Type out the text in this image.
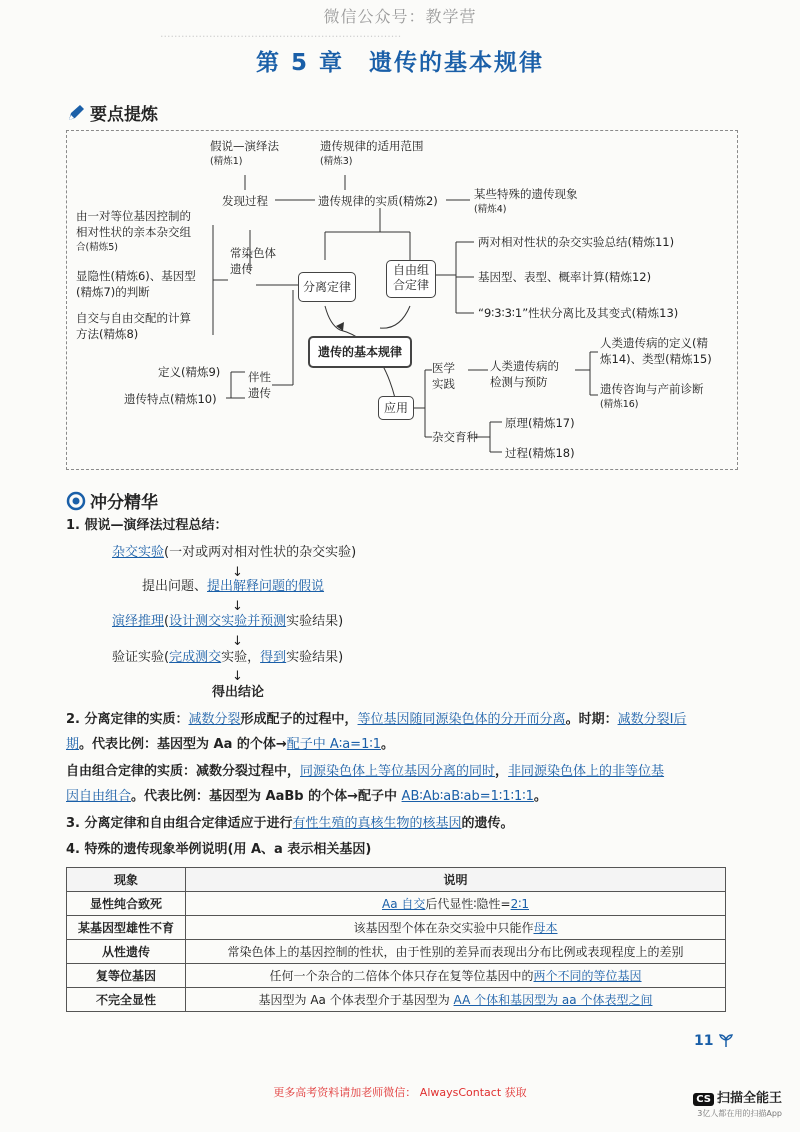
微信公众号：教学营
·····································································
第 5 章　遗传的基本规律
要点提炼
假说—演绎法
(精炼1)
遗传规律的适用范围
(精炼3)
发现过程	遗传规律的实质(精炼2)	某些特殊的遗传现象
(精炼4)
由一对等位基因控制的
相对性状的亲本杂交组
合(精炼5)
显隐性(精炼6)、基因型
(精炼7)的判断
自交与自由交配的计算
方法(精炼8)
常染色体
遗传
分离定律
自由组
合定律
两对相对性状的杂交实验总结(精炼11)
基因型、表型、概率计算(精炼12)
“9∶3∶3∶1”性状分离比及其变式(精炼13)
遗传的基本规律
定义(精炼9)
遗传特点(精炼10)
伴性
遗传
应用
医学
实践
人类遗传病的
检测与预防
人类遗传病的定义(精
炼14)、类型(精炼15)
遗传咨询与产前诊断
(精炼16)
杂交育种
原理(精炼17)
过程(精炼18)
冲分精华
1. 假说—演绎法过程总结：
杂交实验(一对或两对相对性状的杂交实验)
↓
提出问题、提出解释问题的假说
↓
演绎推理(设计测交实验并预测实验结果)
↓
验证实验(完成测交实验，得到实验结果)
↓
得出结论
2. 分离定律的实质：减数分裂形成配子的过程中，等位基因随同源染色体的分开而分离。时期：减数分裂Ⅰ后
期。代表比例：基因型为 Aa 的个体→配子中 A∶a=1∶1。
自由组合定律的实质：减数分裂过程中，同源染色体上等位基因分离的同时，非同源染色体上的非等位基
因自由组合。代表比例：基因型为 AaBb 的个体→配子中 AB∶Ab∶aB∶ab=1∶1∶1∶1。
3. 分离定律和自由组合定律适应于进行有性生殖的真核生物的核基因的遗传。
4. 特殊的遗传现象举例说明(用 A、a 表示相关基因)
现象	说明
显性纯合致死	Aa 自交后代显性∶隐性=2∶1
某基因型雄性不育	该基因型个体在杂交实验中只能作母本
从性遗传	常染色体上的基因控制的性状，由于性别的差异而表现出分布比例或表现程度上的差别
复等位基因	任何一个杂合的二倍体个体只存在复等位基因中的两个不同的等位基因
不完全显性	基因型为 Aa 个体表型介于基因型为 AA 个体和基因型为 aa 个体表型之间
11
更多高考资料请加老师微信： AlwaysContact 获取
CS 扫描全能王
3亿人都在用的扫描App
